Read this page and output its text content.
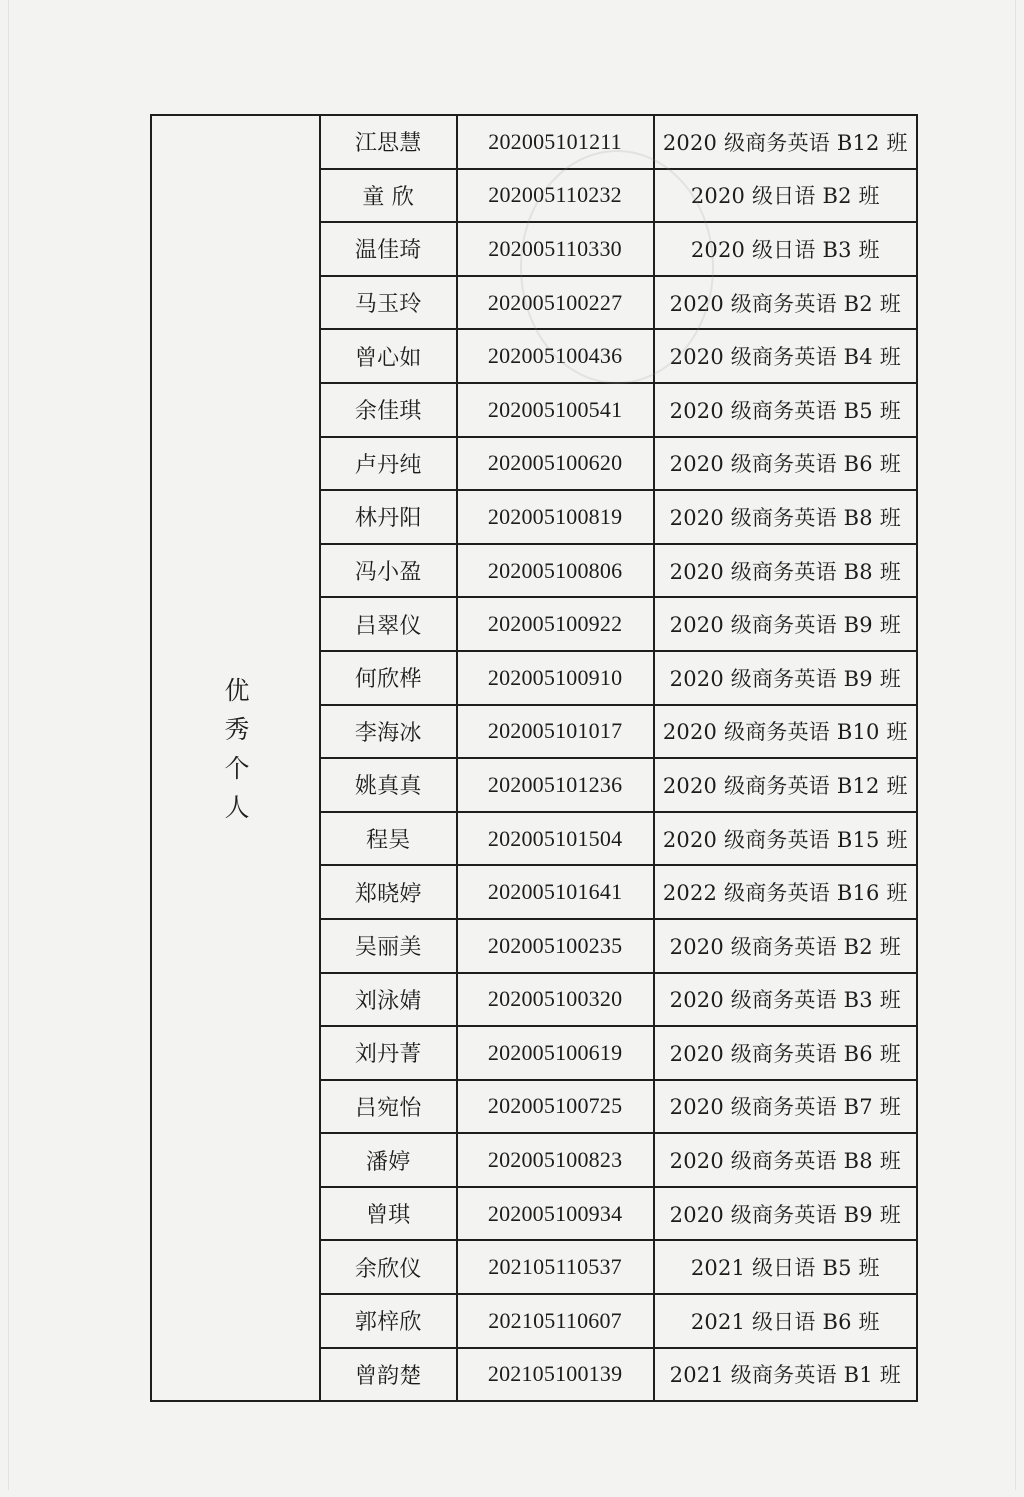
优秀个人	江思慧	202005101211	2020 级商务英语 B12 班
	童 欣	202005110232	2020 级日语 B2 班
	温佳琦	202005110330	2020 级日语 B3 班
	马玉玲	202005100227	2020 级商务英语 B2 班
	曾心如	202005100436	2020 级商务英语 B4 班
	余佳琪	202005100541	2020 级商务英语 B5 班
	卢丹纯	202005100620	2020 级商务英语 B6 班
	林丹阳	202005100819	2020 级商务英语 B8 班
	冯小盈	202005100806	2020 级商务英语 B8 班
	吕翠仪	202005100922	2020 级商务英语 B9 班
	何欣桦	202005100910	2020 级商务英语 B9 班
	李海冰	202005101017	2020 级商务英语 B10 班
	姚真真	202005101236	2020 级商务英语 B12 班
	程昊	202005101504	2020 级商务英语 B15 班
	郑晓婷	202005101641	2022 级商务英语 B16 班
	吴丽美	202005100235	2020 级商务英语 B2 班
	刘泳婧	202005100320	2020 级商务英语 B3 班
	刘丹菁	202005100619	2020 级商务英语 B6 班
	吕宛怡	202005100725	2020 级商务英语 B7 班
	潘婷	202005100823	2020 级商务英语 B8 班
	曾琪	202005100934	2020 级商务英语 B9 班
	余欣仪	202105110537	2021 级日语 B5 班
	郭梓欣	202105110607	2021 级日语 B6 班
	曾韵楚	202105100139	2021 级商务英语 B1 班
